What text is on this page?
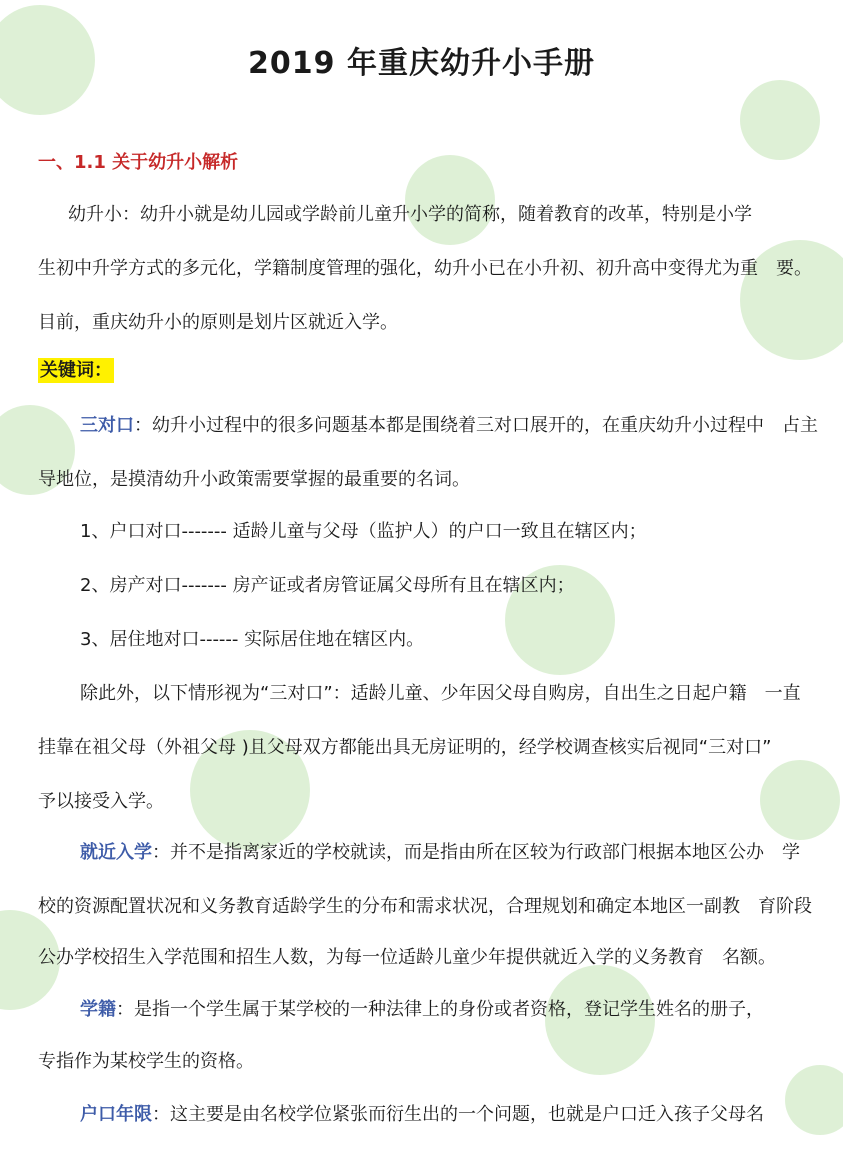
2019 年重庆幼升小手册
一、1.1 关于幼升小解析
幼升小：幼升小就是幼儿园或学龄前儿童升小学的简称，随着教育的改革，特别是小学
生初中升学方式的多元化，学籍制度管理的强化，幼升小已在小升初、初升高中变得尤为重　要。
目前，重庆幼升小的原则是划片区就近入学。
关键词：
三对口：幼升小过程中的很多问题基本都是围绕着三对口展开的，在重庆幼升小过程中　占主
导地位，是摸清幼升小政策需要掌握的最重要的名词。
1、户口对口------- 适龄儿童与父母（监护人）的户口一致且在辖区内；
2、房产对口------- 房产证或者房管证属父母所有且在辖区内；
3、居住地对口------ 实际居住地在辖区内。
除此外，以下情形视为“三对口”：适龄儿童、少年因父母自购房，自出生之日起户籍　一直
挂靠在祖父母（外祖父母 )且父母双方都能出具无房证明的，经学校调查核实后视同“三对口”
予以接受入学。
就近入学：并不是指离家近的学校就读，而是指由所在区较为行政部门根据本地区公办　学
校的资源配置状况和义务教育适龄学生的分布和需求状况，合理规划和确定本地区一副教　育阶段
公办学校招生入学范围和招生人数，为每一位适龄儿童少年提供就近入学的义务教育　名额。
学籍：是指一个学生属于某学校的一种法律上的身份或者资格，登记学生姓名的册子，
专指作为某校学生的资格。
户口年限：这主要是由名校学位紧张而衍生出的一个问题，也就是户口迁入孩子父母名
